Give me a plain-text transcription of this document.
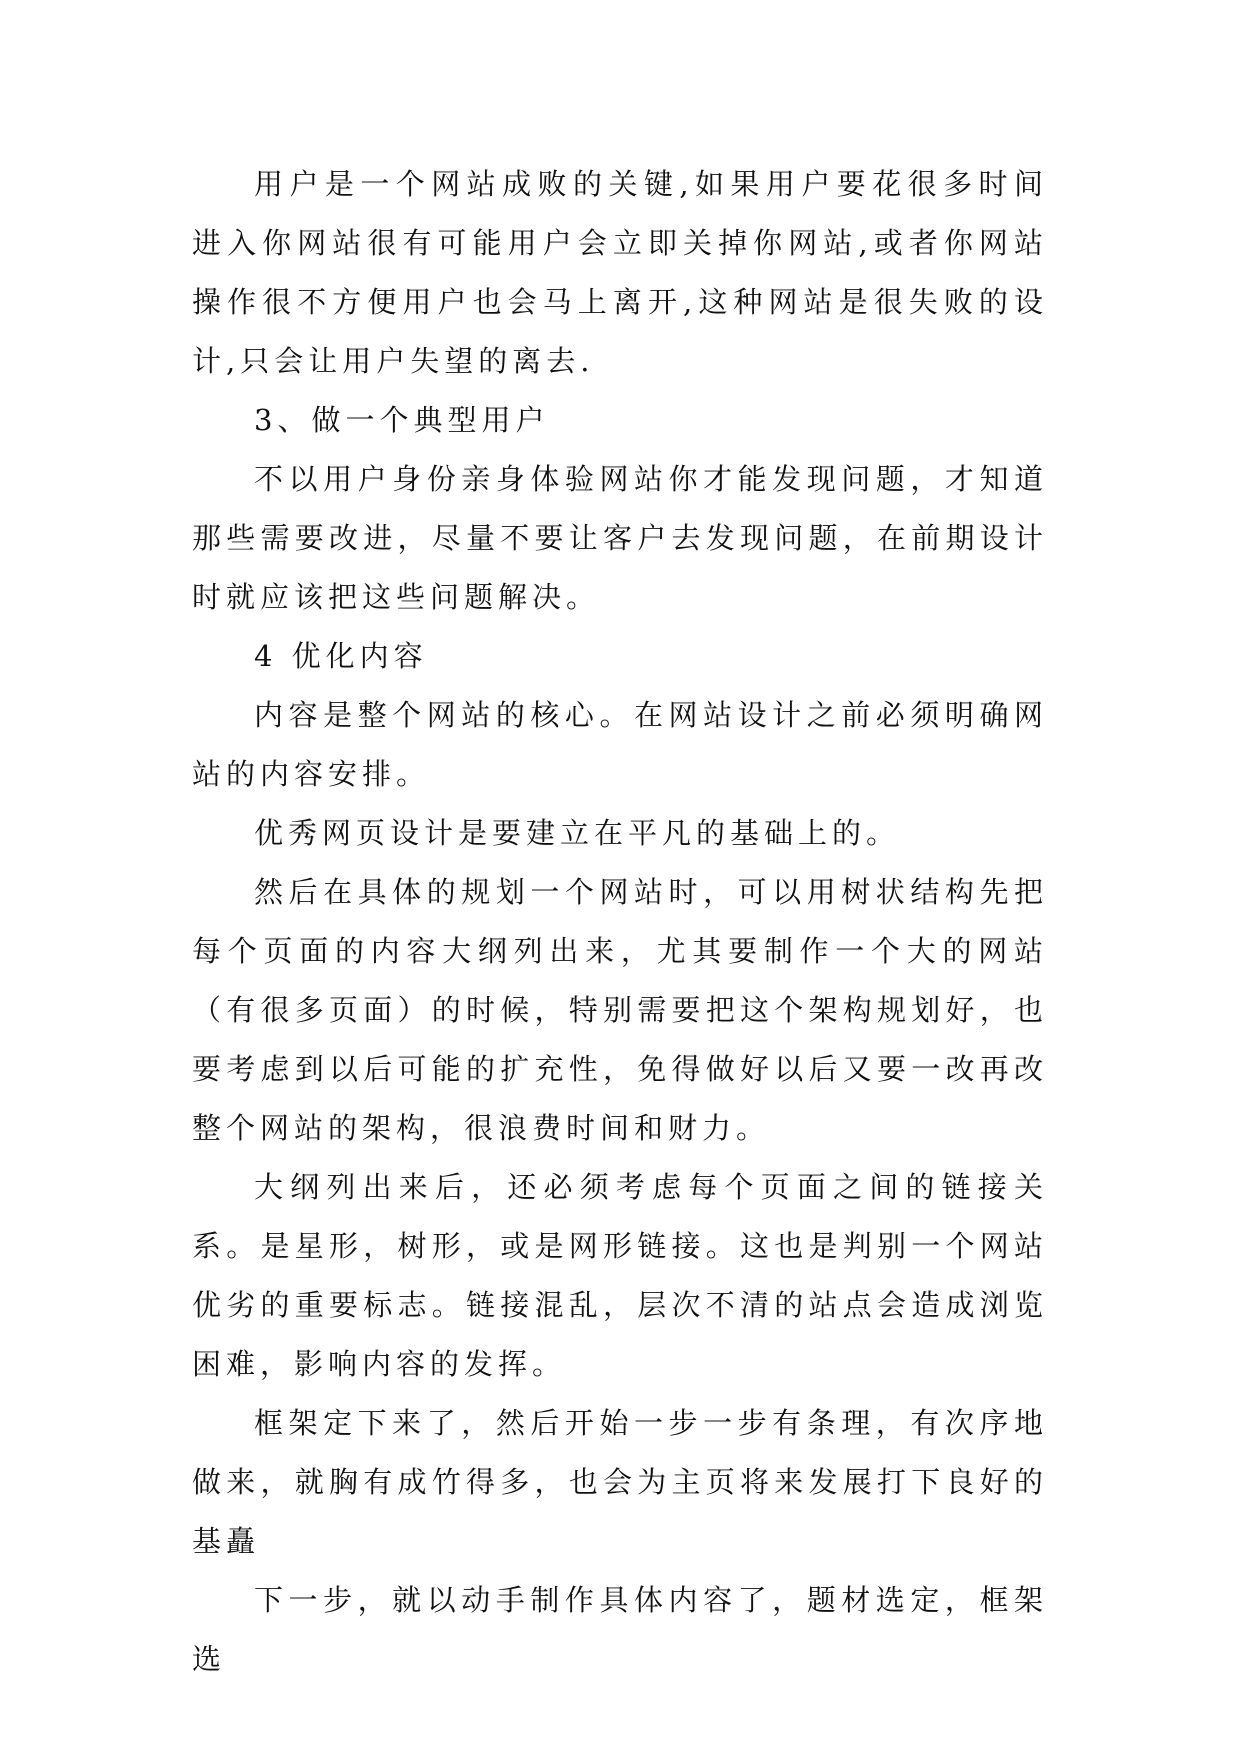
用户是一个网站成败的关键,如果用户要花很多时间进入你网站很有可能用户会立即关掉你网站,或者你网站操作很不方便用户也会马上离开,这种网站是很失败的设计,只会让用户失望的离去.

3、做一个典型用户

不以用户身份亲身体验网站你才能发现问题，才知道那些需要改进，尽量不要让客户去发现问题，在前期设计时就应该把这些问题解决。

4 优化内容

内容是整个网站的核心。在网站设计之前必须明确网站的内容安排。

优秀网页设计是要建立在平凡的基础上的。

然后在具体的规划一个网站时，可以用树状结构先把每个页面的内容大纲列出来，尤其要制作一个大的网站（有很多页面）的时候，特别需要把这个架构规划好，也要考虑到以后可能的扩充性，免得做好以后又要一改再改整个网站的架构，很浪费时间和财力。

大纲列出来后，还必须考虑每个页面之间的链接关系。是星形，树形，或是网形链接。这也是判别一个网站优劣的重要标志。链接混乱，层次不清的站点会造成浏览困难，影响内容的发挥。

框架定下来了，然后开始一步一步有条理，有次序地做来，就胸有成竹得多，也会为主页将来发展打下良好的基矗

下一步，就以动手制作具体内容了，题材选定，框架选
